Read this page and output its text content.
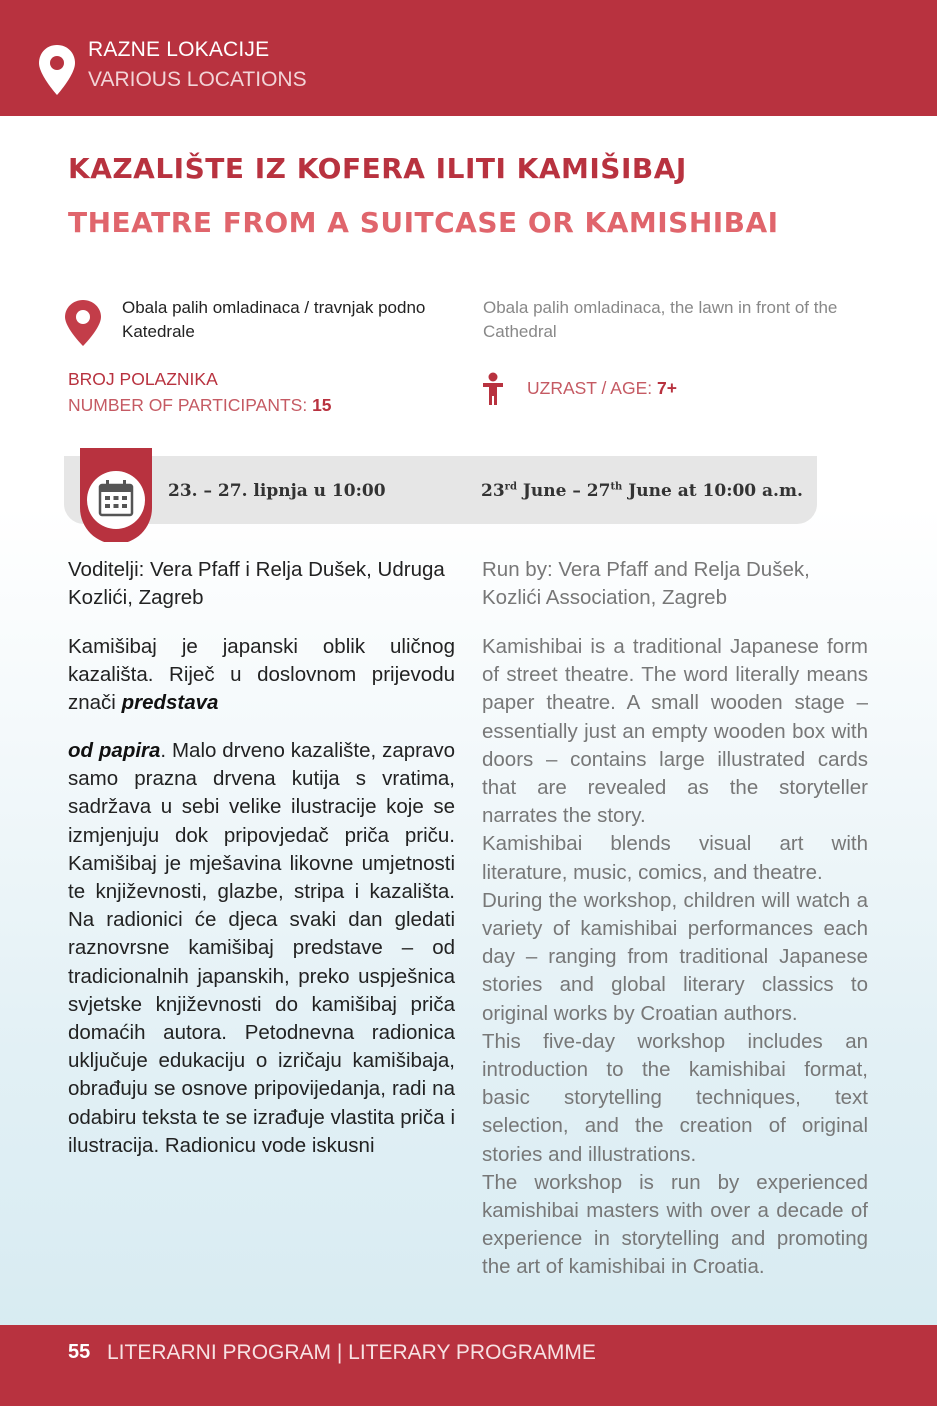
RAZNE LOKACIJE
VARIOUS LOCATIONS
KAZALIŠTE IZ KOFERA ILITI KAMIŠIBAJ
THEATRE FROM A SUITCASE OR KAMISHIBAI
Obala palih omladinaca / travnjak podno Katedrale
Obala palih omladinaca, the lawn in front of the Cathedral
BROJ POLAZNIKA
NUMBER OF PARTICIPANTS: 15
UZRAST / AGE: 7+
23. – 27. lipnja u 10:00	23rd June – 27th June at 10:00 a.m.
Voditelji: Vera Pfaff i Relja Dušek, Udruga Kozlići, Zagreb
Run by: Vera Pfaff and Relja Dušek, Kozlići Association, Zagreb

Kamišibaj je japanski oblik uličnog kazališta. Riječ u doslovnom prijevodu znači predstava

od papira. Malo drveno kazalište, zapravo samo prazna drvena kutija s vratima, sadržava u sebi velike ilustracije koje se izmjenjuju dok pripovjedač priča priču. Kamišibaj je mješavina likovne umjetnosti te književnosti, glazbe, stripa i kazališta. Na radionici će djeca svaki dan gledati raznovrsne kamišibaj predstave – od tradicionalnih japanskih, preko uspješnica svjetske književnosti do kamišibaj priča domaćih autora. Petodnevna radionica uključuje edukaciju o izričaju kamišibaja, obrađuju se osnove pripovijedanja, radi na odabiru teksta te se izrađuje vlastita priča i ilustracija. Radionicu vode iskusni

Kamishibai is a traditional Japanese form of street theatre. The word literally means paper theatre. A small wooden stage – essentially just an empty wooden box with doors – contains large illustrated cards that are revealed as the storyteller narrates the story.

Kamishibai blends visual art with literature, music, comics, and theatre.

During the workshop, children will watch a variety of kamishibai performances each day – ranging from traditional Japanese stories and global literary classics to original works by Croatian authors.

This five-day workshop includes an introduction to the kamishibai format, basic storytelling techniques, text selection, and the creation of original stories and illustrations.

The workshop is run by experienced kamishibai masters with over a decade of experience in storytelling and promoting the art of kamishibai in Croatia.

55 LITERARNI PROGRAM | LITERARY PROGRAMME
